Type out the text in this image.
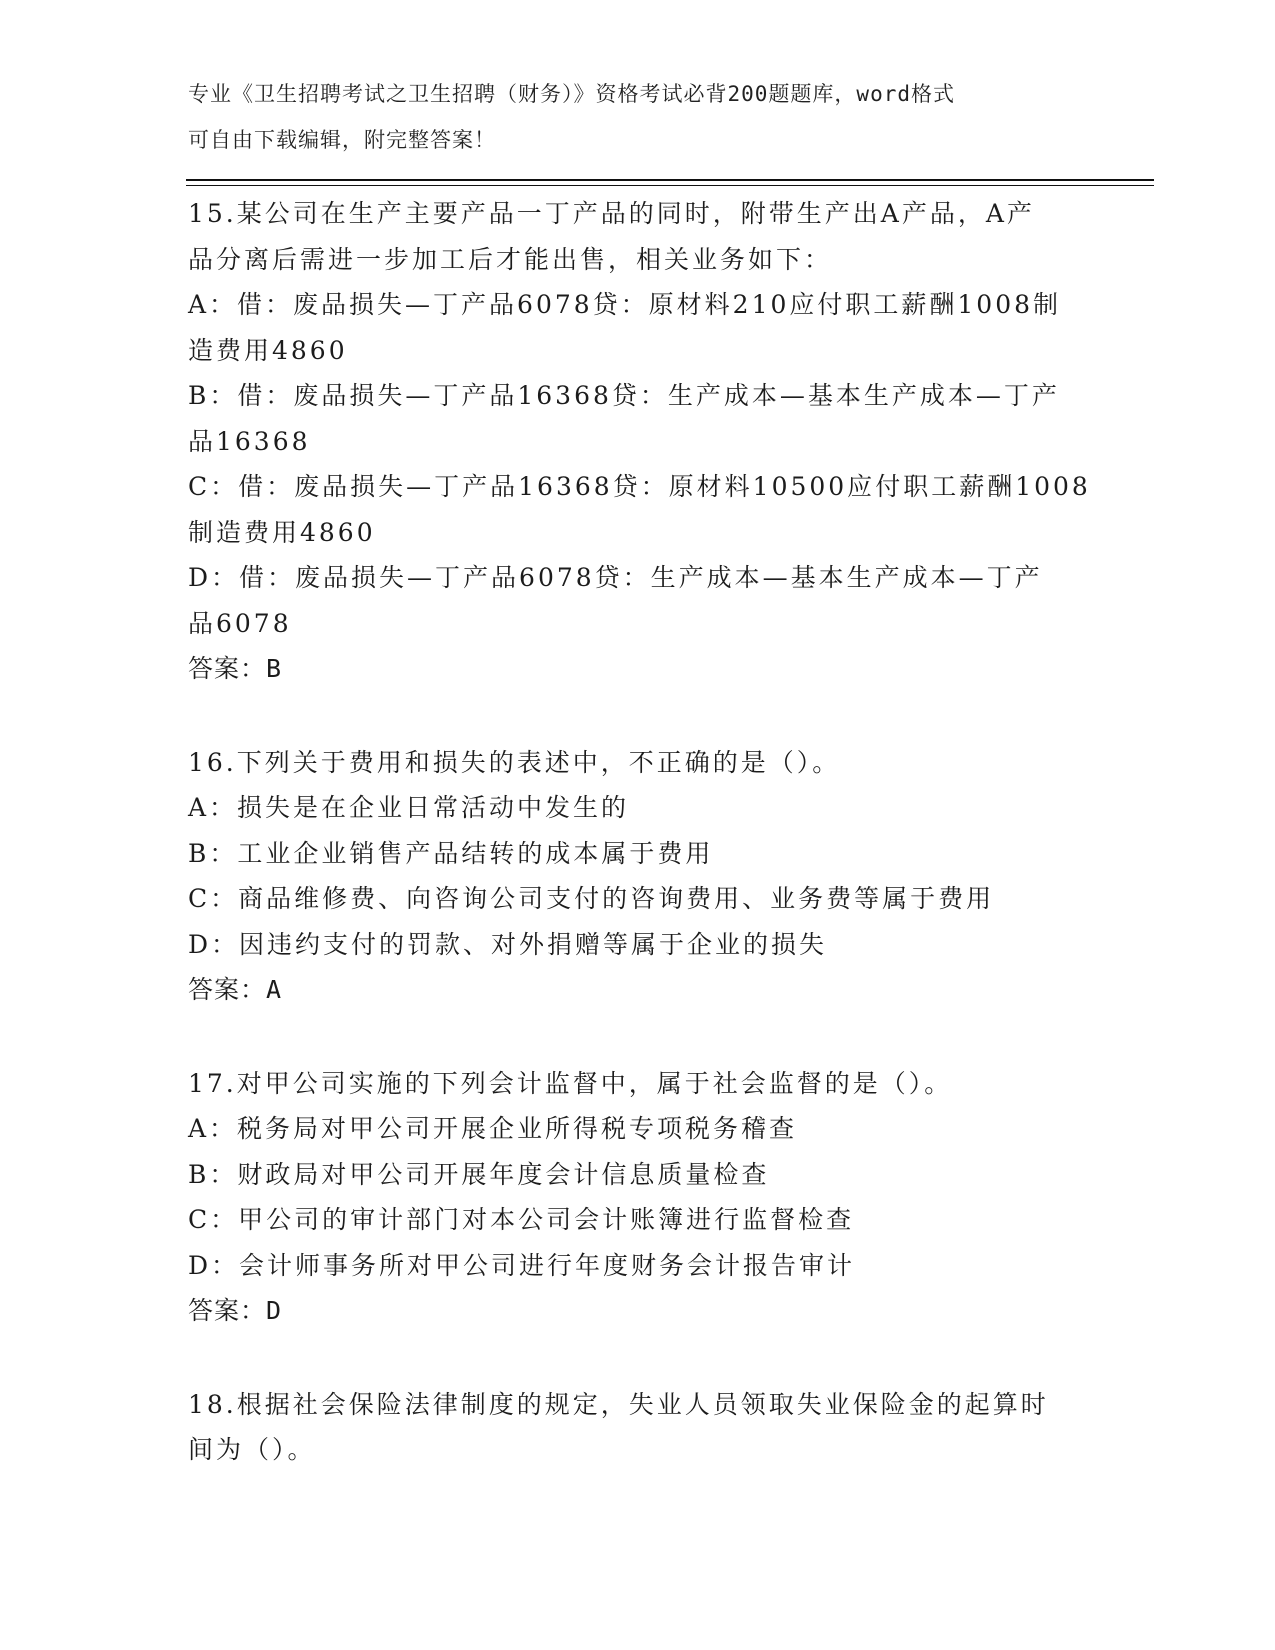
专业《卫生招聘考试之卫生招聘（财务）》资格考试必背200题题库，word格式
可自由下载编辑，附完整答案！
15.某公司在生产主要产品一丁产品的同时，附带生产出A产品，A产
品分离后需进一步加工后才能出售，相关业务如下：
A：借：废品损失—丁产品6078贷：原材料210应付职工薪酬1008制
造费用4860
B：借：废品损失—丁产品16368贷：生产成本—基本生产成本—丁产
品16368
C：借：废品损失—丁产品16368贷：原材料10500应付职工薪酬1008
制造费用4860
D：借：废品损失—丁产品6078贷：生产成本—基本生产成本—丁产
品6078
答案：B
16.下列关于费用和损失的表述中，不正确的是（）。
A：损失是在企业日常活动中发生的
B：工业企业销售产品结转的成本属于费用
C：商品维修费、向咨询公司支付的咨询费用、业务费等属于费用
D：因违约支付的罚款、对外捐赠等属于企业的损失
答案：A
17.对甲公司实施的下列会计监督中，属于社会监督的是（）。
A：税务局对甲公司开展企业所得税专项税务稽查
B：财政局对甲公司开展年度会计信息质量检查
C：甲公司的审计部门对本公司会计账簿进行监督检查
D：会计师事务所对甲公司进行年度财务会计报告审计
答案：D
18.根据社会保险法律制度的规定，失业人员领取失业保险金的起算时
间为（）。
